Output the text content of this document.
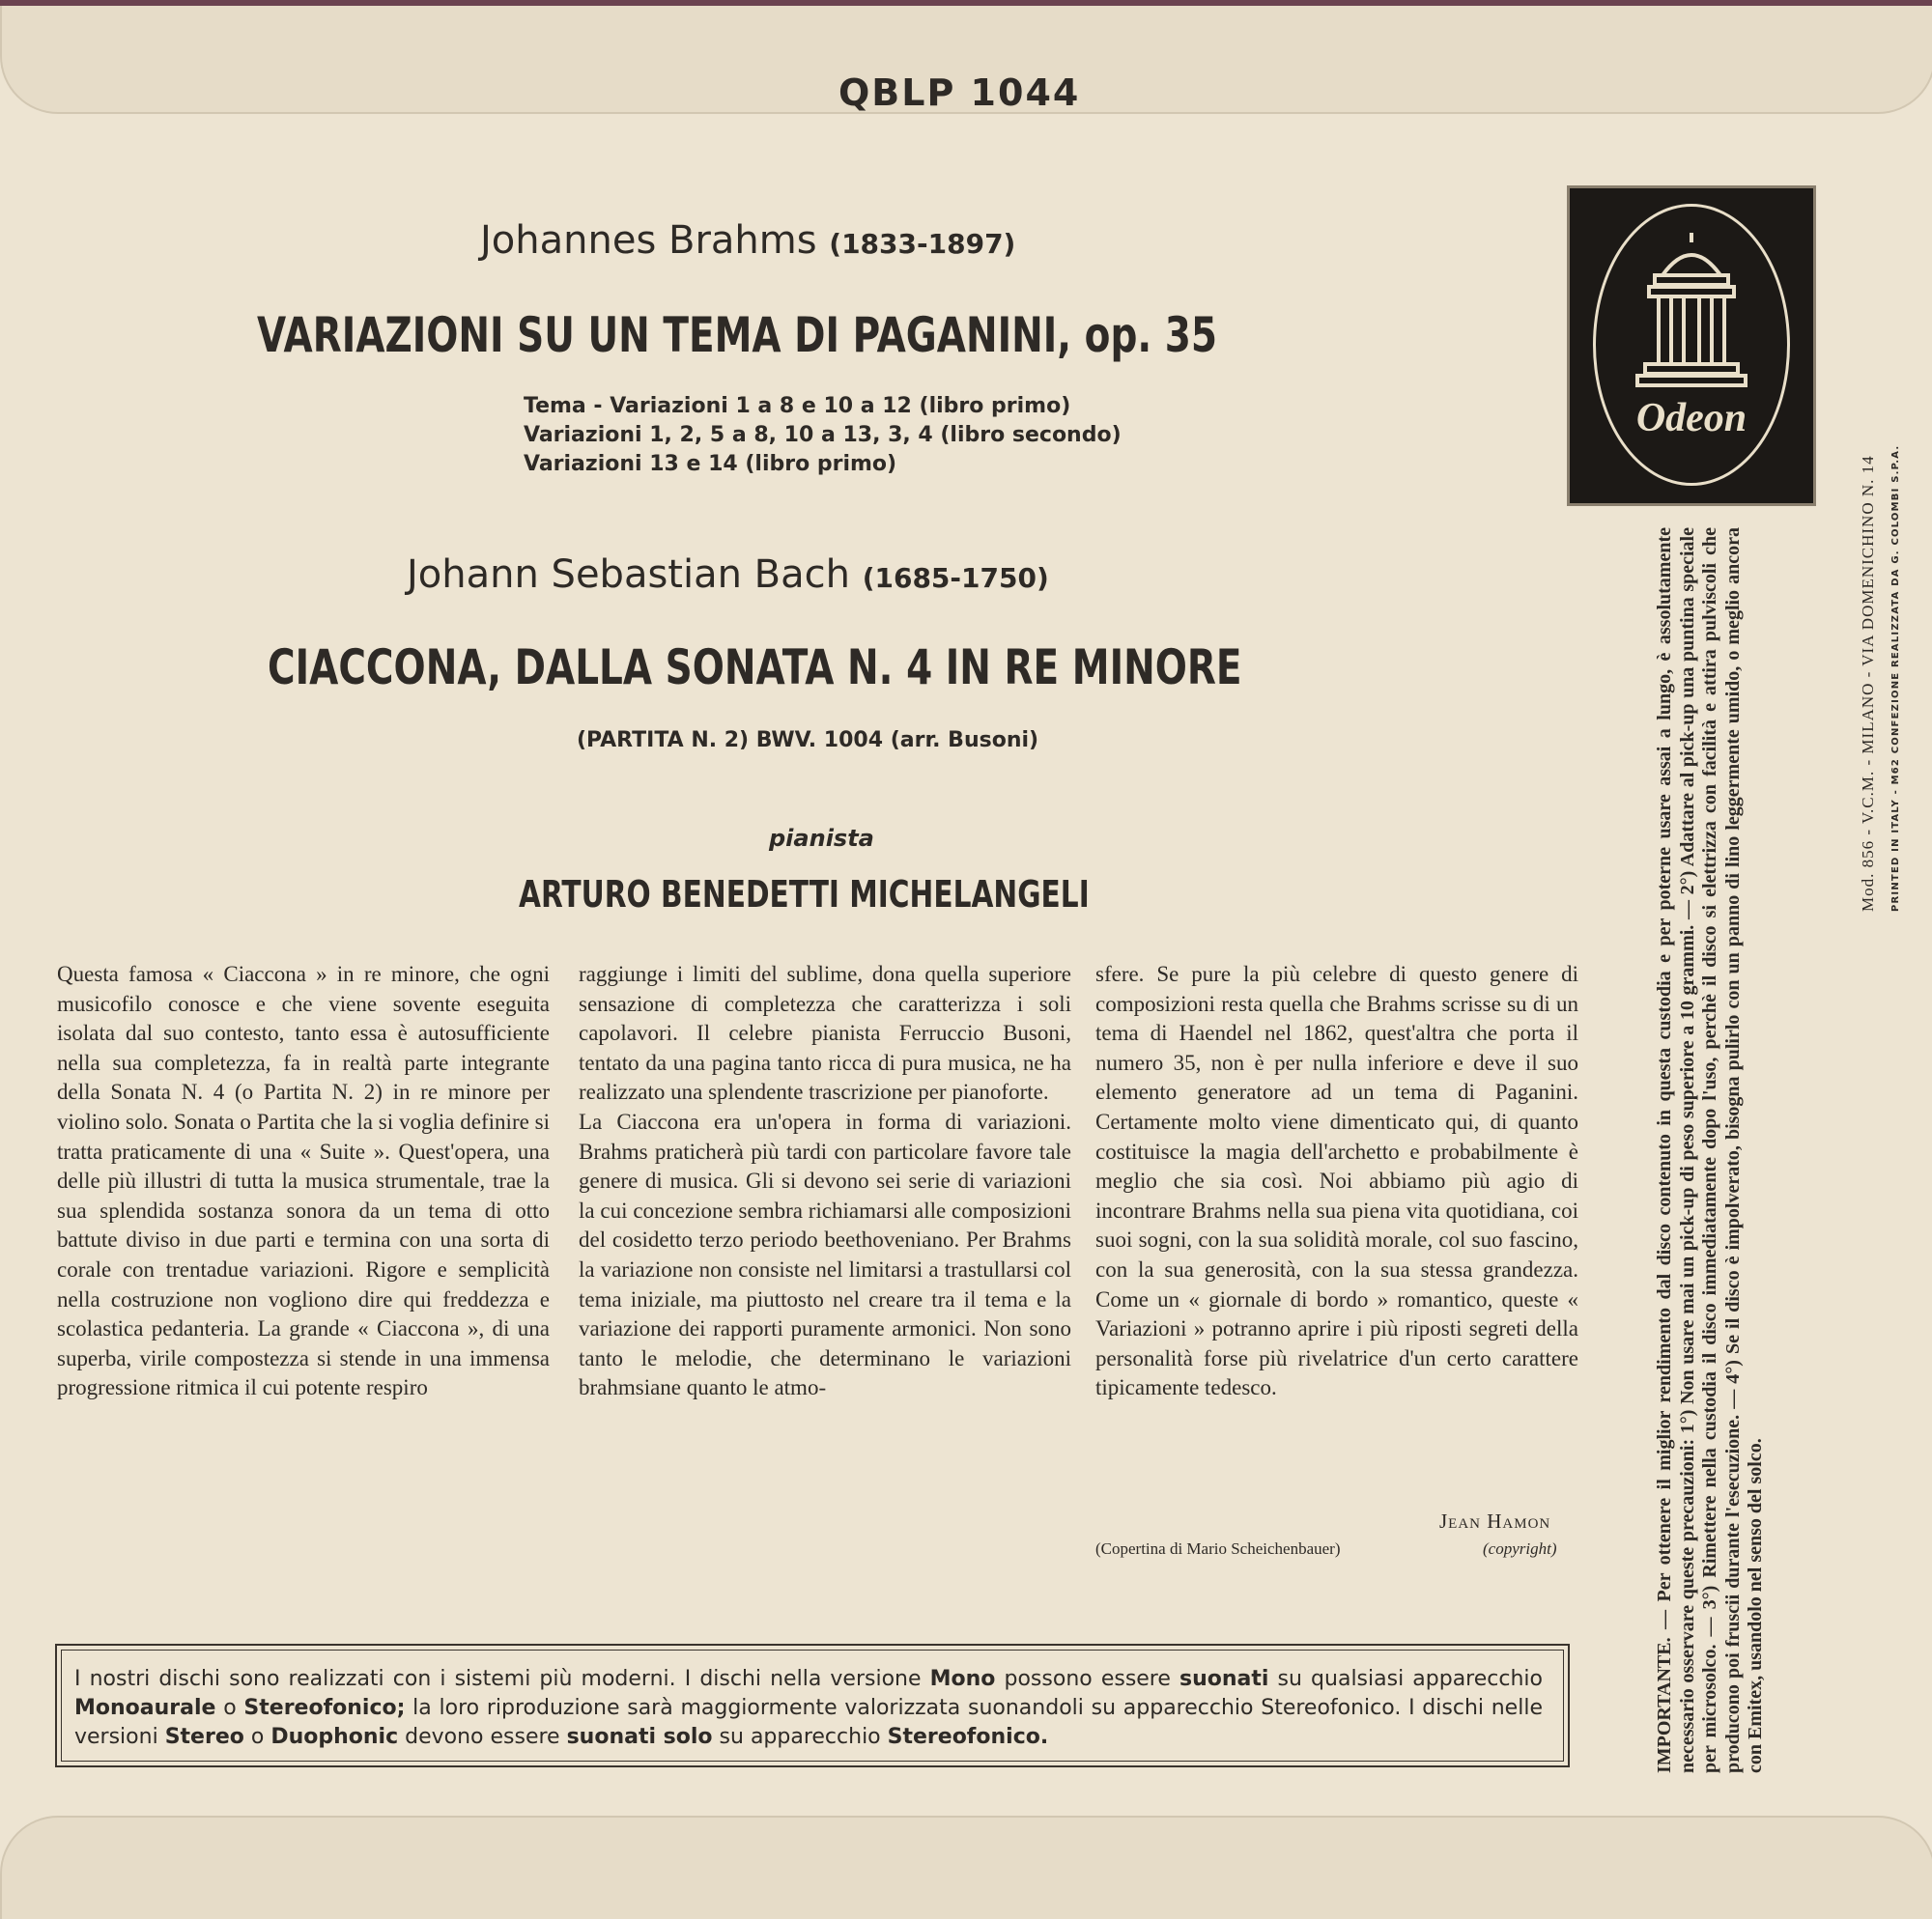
QBLP 1044
Johannes Brahms (1833-1897)
VARIAZIONI SU UN TEMA DI PAGANINI, op. 35
Tema - Variazioni 1 a 8 e 10 a 12 (libro primo)
Variazioni 1, 2, 5 a 8, 10 a 13, 3, 4 (libro secondo)
Variazioni 13 e 14 (libro primo)
Johann Sebastian Bach (1685-1750)
CIACCONA, DALLA SONATA N. 4 IN RE MINORE
(PARTITA N. 2) BWV. 1004 (arr. Busoni)
pianista
ARTURO BENEDETTI MICHELANGELI

Questa famosa « Ciaccona » in re minore, che ogni musicofilo conosce e che viene sovente eseguita isolata dal suo contesto, tanto essa è autosufficiente nella sua completezza, fa in realtà parte integrante della Sonata N. 4 (o Partita N. 2) in re minore per violino solo. Sonata o Partita che la si voglia definire si tratta praticamente di una « Suite ». Quest'opera, una delle più illustri di tutta la musica strumentale, trae la sua splendida sostanza sonora da un tema di otto battute diviso in due parti e termina con una sorta di corale con trentadue variazioni. Rigore e semplicità nella costruzione non vogliono dire qui freddezza e scolastica pedanteria. La grande « Ciaccona », di una superba, virile compostezza si stende in una immensa progressione ritmica il cui potente respiro

raggiunge i limiti del sublime, dona quella superiore sensazione di completezza che caratterizza i soli capolavori. Il celebre pianista Ferruccio Busoni, tentato da una pagina tanto ricca di pura musica, ne ha realizzato una splendente trascrizione per pianoforte.

La Ciaccona era un'opera in forma di variazioni. Brahms praticherà più tardi con particolare favore tale genere di musica. Gli si devono sei serie di variazioni la cui concezione sembra richiamarsi alle composizioni del cosidetto terzo periodo beethoveniano. Per Brahms la variazione non consiste nel limitarsi a trastullarsi col tema iniziale, ma piuttosto nel creare tra il tema e la variazione dei rapporti puramente armonici. Non sono tanto le melodie, che determinano le variazioni brahmsiane quanto le atmo-

sfere. Se pure la più celebre di questo genere di composizioni resta quella che Brahms scrisse su di un tema di Haendel nel 1862, quest'altra che porta il numero 35, non è per nulla inferiore e deve il suo elemento generatore ad un tema di Paganini. Certamente molto viene dimenticato qui, di quanto costituisce la magia dell'archetto e probabilmente è meglio che sia così. Noi abbiamo più agio di incontrare Brahms nella sua piena vita quotidiana, coi suoi sogni, con la sua solidità morale, col suo fascino, con la sua generosità, con la sua stessa grandezza. Come un « giornale di bordo » romantico, queste « Variazioni » potranno aprire i più riposti segreti della personalità forse più rivelatrice d'un certo carattere tipicamente tedesco.

Jean Hamon
(Copertina di Mario Scheichenbauer)	(copyright)
I nostri dischi sono realizzati con i sistemi più moderni. I dischi nella versione Mono possono essere suonati su qualsiasi apparecchio Monoaurale o Stereofonico; la loro riproduzione sarà maggiormente valorizzata suonandoli su apparecchio Stereofonico. I dischi nelle versioni Stereo o Duophonic devono essere suonati solo su apparecchio Stereofonico.
Odeon
IMPORTANTE. — Per ottenere il miglior rendimento dal disco contenuto in questa custodia e per poterne usare assai a lungo, è assolutamente necessario osservare queste precauzioni: 1°) Non usare mai un pick-up di peso superiore a 10 grammi. — 2°) Adattare al pick-up una puntina speciale per microsolco. — 3°) Rimettere nella custodia il disco immediatamente dopo l'uso, perchè il disco si elettrizza con facilità e attira pulviscoli che producono poi fruscii durante l'esecuzione. — 4°) Se il disco è impolverato, bisogna pulirlo con un panno di lino leggermente umido, o meglio ancora con Emitex, usandolo nel senso del solco.
Mod. 856 - V.C.M. - MILANO - VIA DOMENICHINO N. 14 PRINTED IN ITALY - M62 CONFEZIONE REALIZZATA DA G. COLOMBI S.P.A.
